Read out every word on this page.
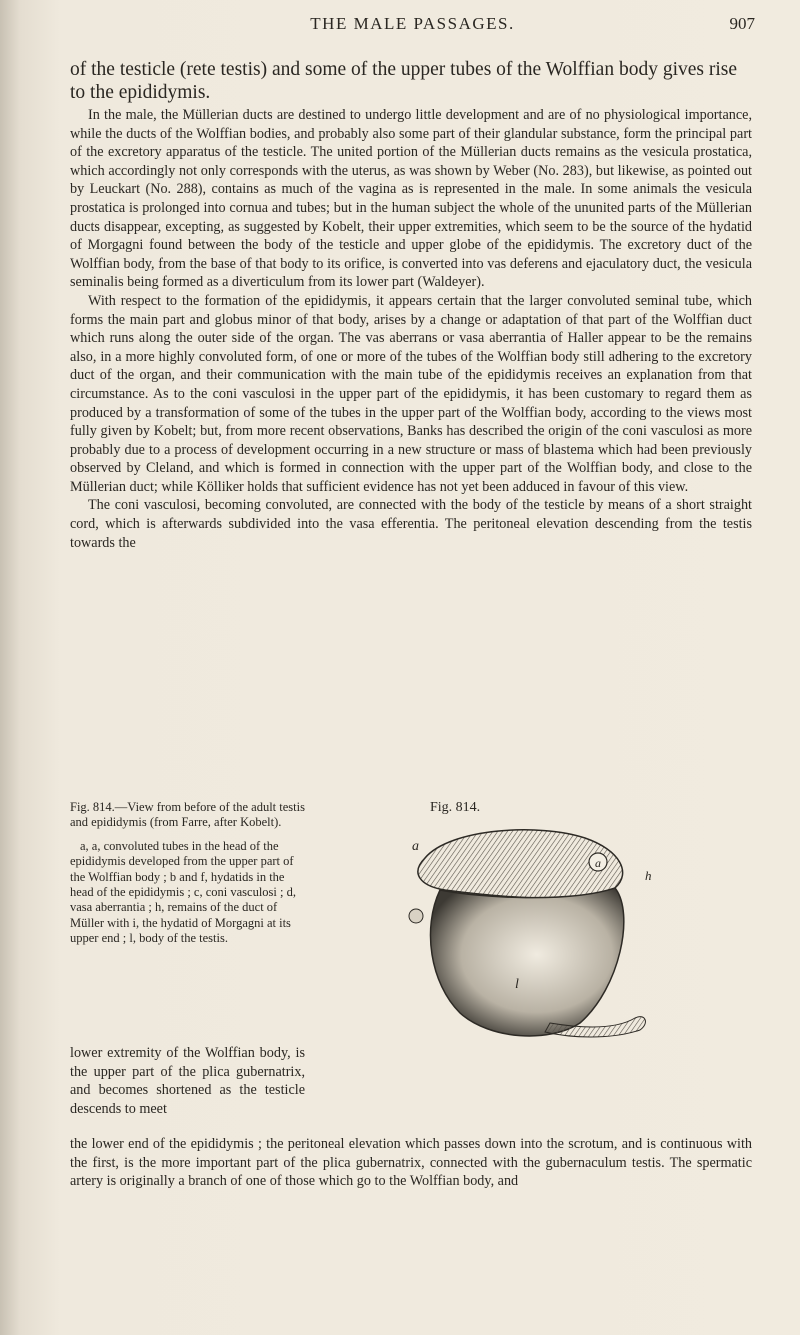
THE MALE PASSAGES.	907
of the testicle (rete testis) and some of the upper tubes of the Wolffian body gives rise to the epididymis.

In the male, the Müllerian ducts are destined to undergo little development and are of no physiological importance, while the ducts of the Wolffian bodies, and probably also some part of their glandular substance, form the principal part of the excretory apparatus of the testicle. The united portion of the Müllerian ducts remains as the vesicula prostatica, which accordingly not only corresponds with the uterus, as was shown by Weber (No. 283), but likewise, as pointed out by Leuckart (No. 288), contains as much of the vagina as is represented in the male. In some animals the vesicula prostatica is prolonged into cornua and tubes; but in the human subject the whole of the ununited parts of the Müllerian ducts disappear, excepting, as suggested by Kobelt, their upper extremities, which seem to be the source of the hydatid of Morgagni found between the body of the testicle and upper globe of the epididymis. The excretory duct of the Wolffian body, from the base of that body to its orifice, is converted into vas deferens and ejaculatory duct, the vesicula seminalis being formed as a diverticulum from its lower part (Waldeyer).

With respect to the formation of the epididymis, it appears certain that the larger convoluted seminal tube, which forms the main part and globus minor of that body, arises by a change or adaptation of that part of the Wolffian duct which runs along the outer side of the organ. The vas aberrans or vasa aberrantia of Haller appear to be the remains also, in a more highly convoluted form, of one or more of the tubes of the Wolffian body still adhering to the excretory duct of the organ, and their communication with the main tube of the epididymis receives an explanation from that circumstance. As to the coni vasculosi in the upper part of the epididymis, it has been customary to regard them as produced by a transformation of some of the tubes in the upper part of the Wolffian body, according to the views most fully given by Kobelt; but, from more recent observations, Banks has described the origin of the coni vasculosi as more probably due to a process of development occurring in a new structure or mass of blastema which had been previously observed by Cleland, and which is formed in connection with the upper part of the Wolffian body, and close to the Müllerian duct; while Kölliker holds that sufficient evidence has not yet been adduced in favour of this view.

The coni vasculosi, becoming convoluted, are connected with the body of the testicle by means of a short straight cord, which is afterwards subdivided into the vasa efferentia. The peritoneal elevation descending from the testis towards the

Fig. 814.—View from before of the adult testis and epididymis (from Farre, after Kobelt).

a, a, convoluted tubes in the head of the epididymis developed from the upper part of the Wolffian body ; b and f, hydatids in the head of the epididymis ; c, coni vasculosi ; d, vasa aberrantia ; h, remains of the duct of Müller with i, the hydatid of Morgagni at its upper end ; l, body of the testis.

Fig. 814.
a
a
h
l

lower extremity of the Wolffian body, is the upper part of the plica gubernatrix, and becomes shortened as the testicle descends to meet

the lower end of the epididymis ; the peritoneal elevation which passes down into the scrotum, and is continuous with the first, is the more important part of the plica gubernatrix, connected with the gubernaculum testis. The spermatic artery is originally a branch of one of those which go to the Wolffian body, and
